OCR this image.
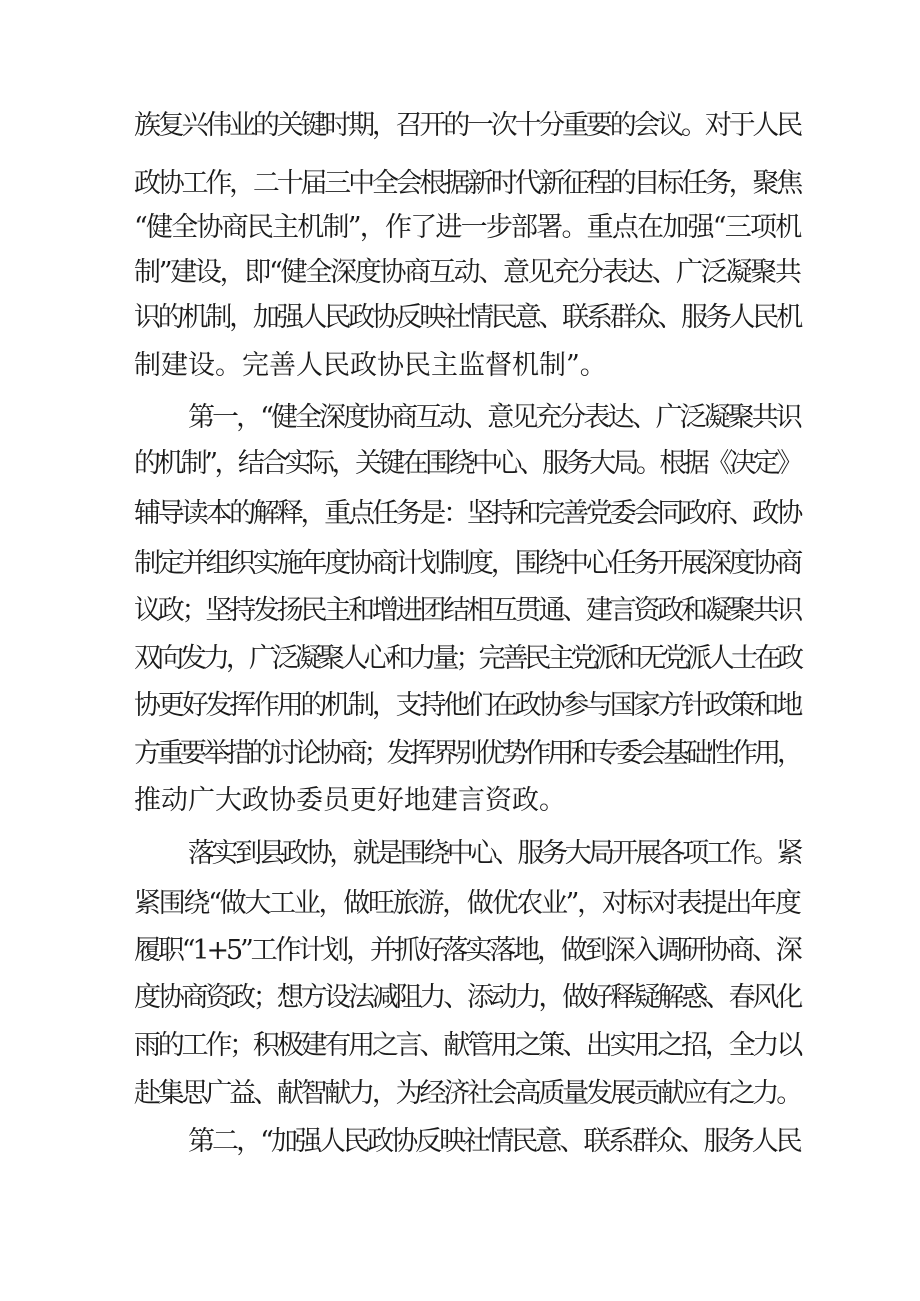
族复兴伟业的关键时期，召开的一次十分重要的会议。对于人民
政协工作，二十届三中全会根据新时代新征程的目标任务，聚焦
“健全协商民主机制”，作了进一步部署。重点在加强“三项机
制”建设，即“健全深度协商互动、意见充分表达、广泛凝聚共
识的机制，加强人民政协反映社情民意、联系群众、服务人民机
制建设。完善人民政协民主监督机制”。
第一，“健全深度协商互动、意见充分表达、广泛凝聚共识
的机制”，结合实际，关键在围绕中心、服务大局。根据《决定》
辅导读本的解释，重点任务是：坚持和完善党委会同政府、政协
制定并组织实施年度协商计划制度，围绕中心任务开展深度协商
议政；坚持发扬民主和增进团结相互贯通、建言资政和凝聚共识
双向发力，广泛凝聚人心和力量；完善民主党派和无党派人士在政
协更好发挥作用的机制，支持他们在政协参与国家方针政策和地
方重要举措的讨论协商；发挥界别优势作用和专委会基础性作用，
推动广大政协委员更好地建言资政。
落实到县政协，就是围绕中心、服务大局开展各项工作。紧
紧围绕“做大工业，做旺旅游，做优农业”，对标对表提出年度
履职“1+5”工作计划，并抓好落实落地，做到深入调研协商、深
度协商资政；想方设法减阻力、添动力，做好释疑解惑、春风化
雨的工作；积极建有用之言、献管用之策、出实用之招，全力以
赴集思广益、献智献力，为经济社会高质量发展贡献应有之力。
第二，“加强人民政协反映社情民意、联系群众、服务人民
